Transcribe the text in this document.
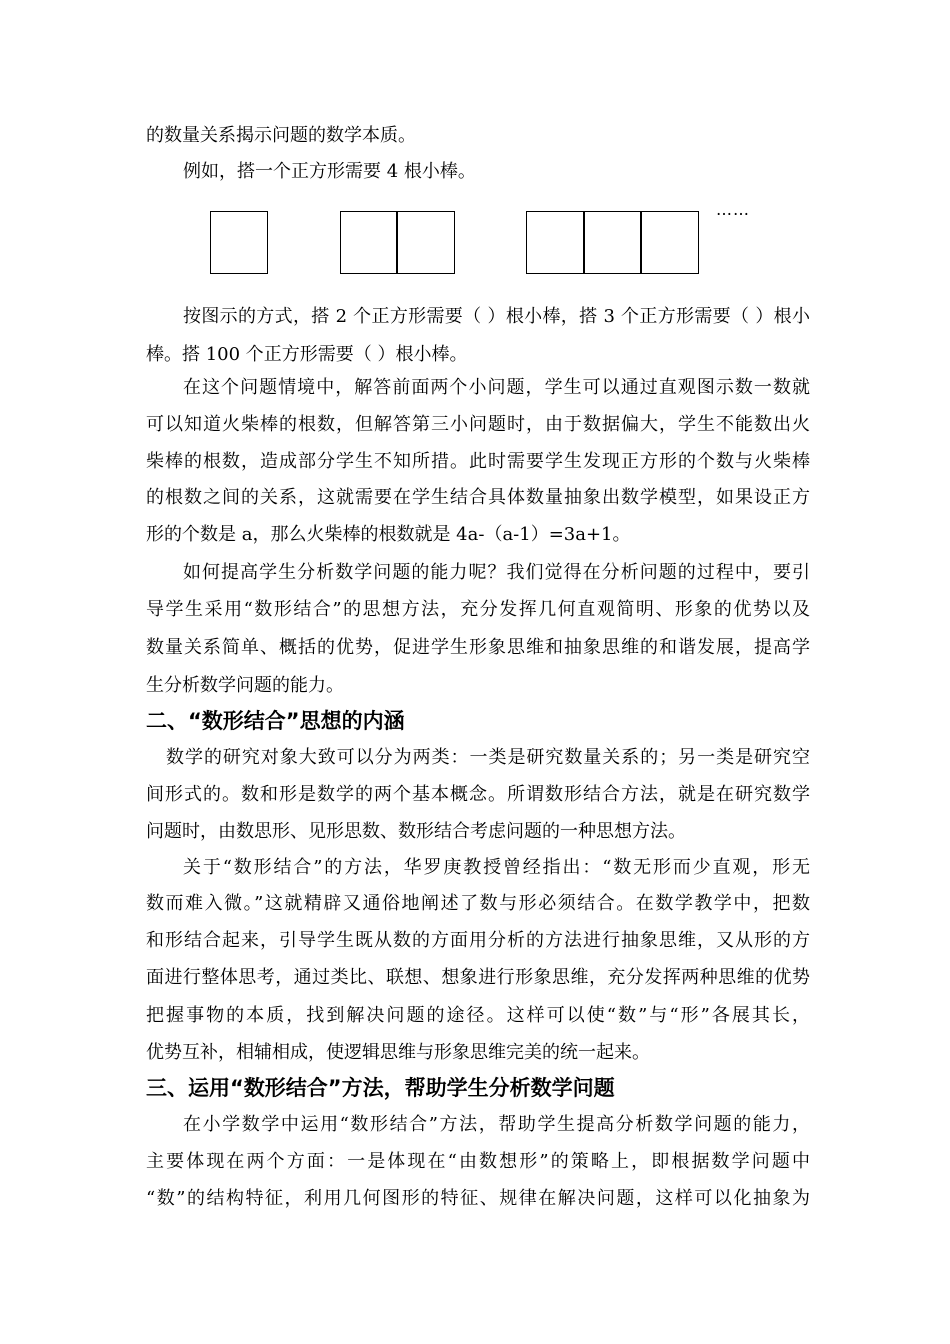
的数量关系揭示问题的数学本质。
例如，搭一个正方形需要 4 根小棒。
……
按图示的方式，搭 2 个正方形需要（ ）根小棒，搭 3 个正方形需要（ ）根小
棒。搭 100 个正方形需要（ ）根小棒。
在这个问题情境中，解答前面两个小问题，学生可以通过直观图示数一数就
可以知道火柴棒的根数，但解答第三小问题时，由于数据偏大，学生不能数出火
柴棒的根数，造成部分学生不知所措。此时需要学生发现正方形的个数与火柴棒
的根数之间的关系，这就需要在学生结合具体数量抽象出数学模型，如果设正方
形的个数是 a，那么火柴棒的根数就是 4a-（a-1）=3a+1。
如何提高学生分析数学问题的能力呢？我们觉得在分析问题的过程中，要引
导学生采用“数形结合”的思想方法，充分发挥几何直观简明、形象的优势以及
数量关系简单、概括的优势，促进学生形象思维和抽象思维的和谐发展，提高学
生分析数学问题的能力。
二、“数形结合”思想的内涵
数学的研究对象大致可以分为两类：一类是研究数量关系的；另一类是研究空
间形式的。数和形是数学的两个基本概念。所谓数形结合方法，就是在研究数学
问题时，由数思形、见形思数、数形结合考虑问题的一种思想方法。
关于“数形结合”的方法，华罗庚教授曾经指出：“数无形而少直观，形无
数而难入微。”这就精辟又通俗地阐述了数与形必须结合。在数学教学中，把数
和形结合起来，引导学生既从数的方面用分析的方法进行抽象思维，又从形的方
面进行整体思考，通过类比、联想、想象进行形象思维，充分发挥两种思维的优势
把握事物的本质，找到解决问题的途径。这样可以使“数”与“形”各展其长，
优势互补，相辅相成，使逻辑思维与形象思维完美的统一起来。
三、运用“数形结合”方法，帮助学生分析数学问题
在小学数学中运用“数形结合”方法，帮助学生提高分析数学问题的能力，
主要体现在两个方面：一是体现在“由数想形”的策略上，即根据数学问题中
“数”的结构特征，利用几何图形的特征、规律在解决问题，这样可以化抽象为
